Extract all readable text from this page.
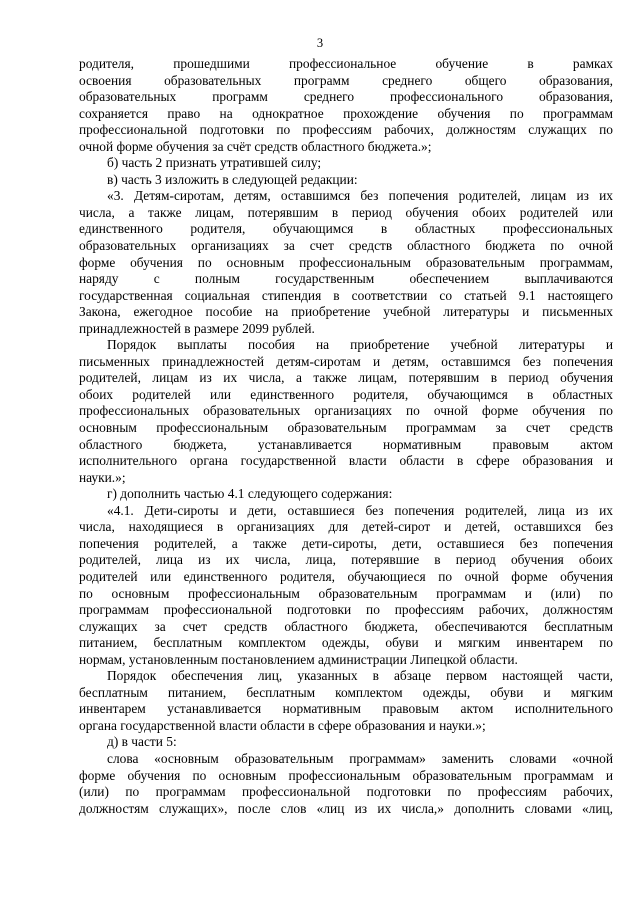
3
родителя, прошедшими профессиональное обучение в рамках
освоения образовательных программ среднего общего образования,
образовательных программ среднего профессионального образования,
сохраняется право на однократное прохождение обучения по программам
профессиональной подготовки по профессиям рабочих, должностям служащих по
очной форме обучения за счёт средств областного бюджета.»;
б) часть 2 признать утратившей силу;
в) часть 3 изложить в следующей редакции:
«3. Детям-сиротам, детям, оставшимся без попечения родителей, лицам из их
числа, а также лицам, потерявшим в период обучения обоих родителей или
единственного родителя, обучающимся в областных профессиональных
образовательных организациях за счет средств областного бюджета по очной
форме обучения по основным профессиональным образовательным программам,
наряду с полным государственным обеспечением выплачиваются
государственная социальная стипендия в соответствии со статьей 9.1 настоящего
Закона, ежегодное пособие на приобретение учебной литературы и письменных
принадлежностей в размере 2099 рублей.
Порядок выплаты пособия на приобретение учебной литературы и
письменных принадлежностей детям-сиротам и детям, оставшимся без попечения
родителей, лицам из их числа, а также лицам, потерявшим в период обучения
обоих родителей или единственного родителя, обучающимся в областных
профессиональных образовательных организациях по очной форме обучения по
основным профессиональным образовательным программам за счет средств
областного бюджета, устанавливается нормативным правовым актом
исполнительного органа государственной власти области в сфере образования и
науки.»;
г) дополнить частью 4.1 следующего содержания:
«4.1. Дети-сироты и дети, оставшиеся без попечения родителей, лица из их
числа, находящиеся в организациях для детей-сирот и детей, оставшихся без
попечения родителей, а также дети-сироты, дети, оставшиеся без попечения
родителей, лица из их числа, лица, потерявшие в период обучения обоих
родителей или единственного родителя, обучающиеся по очной форме обучения
по основным профессиональным образовательным программам и (или) по
программам профессиональной подготовки по профессиям рабочих, должностям
служащих за счет средств областного бюджета, обеспечиваются бесплатным
питанием, бесплатным комплектом одежды, обуви и мягким инвентарем по
нормам, установленным постановлением администрации Липецкой области.
Порядок обеспечения лиц, указанных в абзаце первом настоящей части,
бесплатным питанием, бесплатным комплектом одежды, обуви и мягким
инвентарем устанавливается нормативным правовым актом исполнительного
органа государственной власти области в сфере образования и науки.»;
д) в части 5:
слова «основным образовательным программам» заменить словами «очной
форме обучения по основным профессиональным образовательным программам и
(или) по программам профессиональной подготовки по профессиям рабочих,
должностям служащих», после слов «лиц из их числа,» дополнить словами «лиц,
